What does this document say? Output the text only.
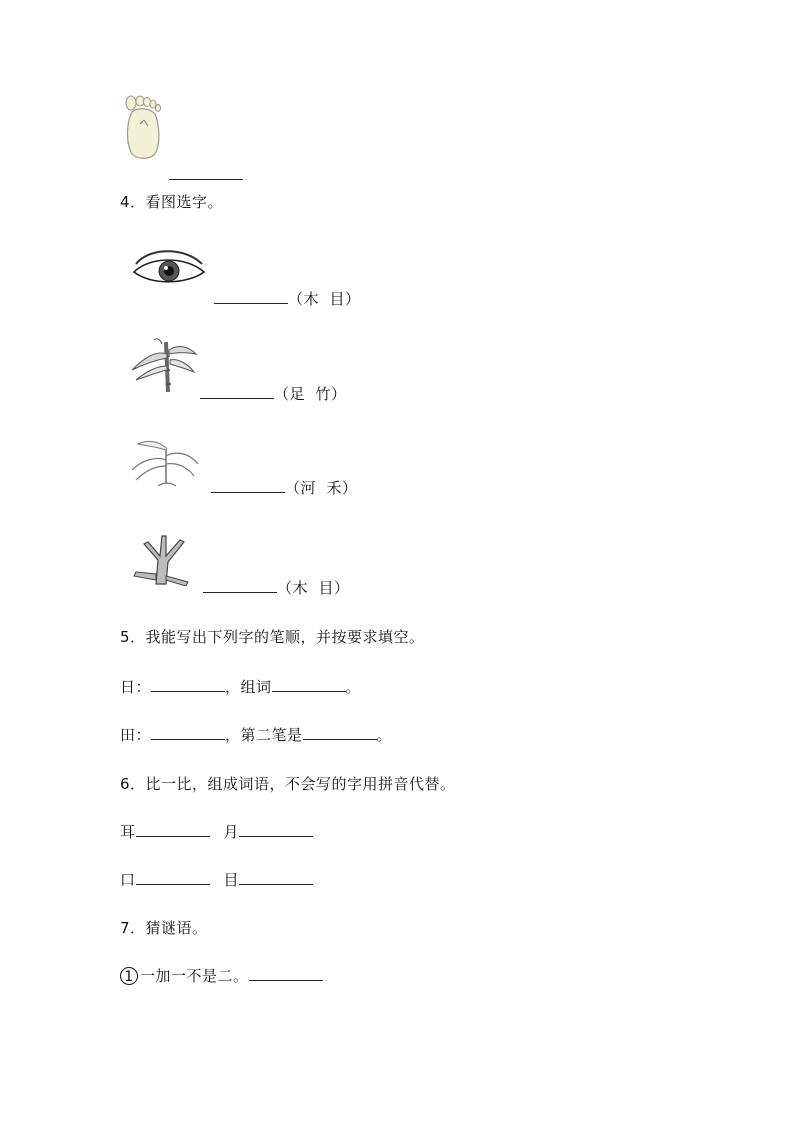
4．看图选字。
（木  目）
（足  竹）
（河  禾）
（木  目）
5．我能写出下列字的笔顺，并按要求填空。
日：	，组词	。
田：	，第二笔是	。
6．比一比，组成词语，不会写的字用拼音代替。
耳	月
口	目
7．猜谜语。
1 一加一不是二。
